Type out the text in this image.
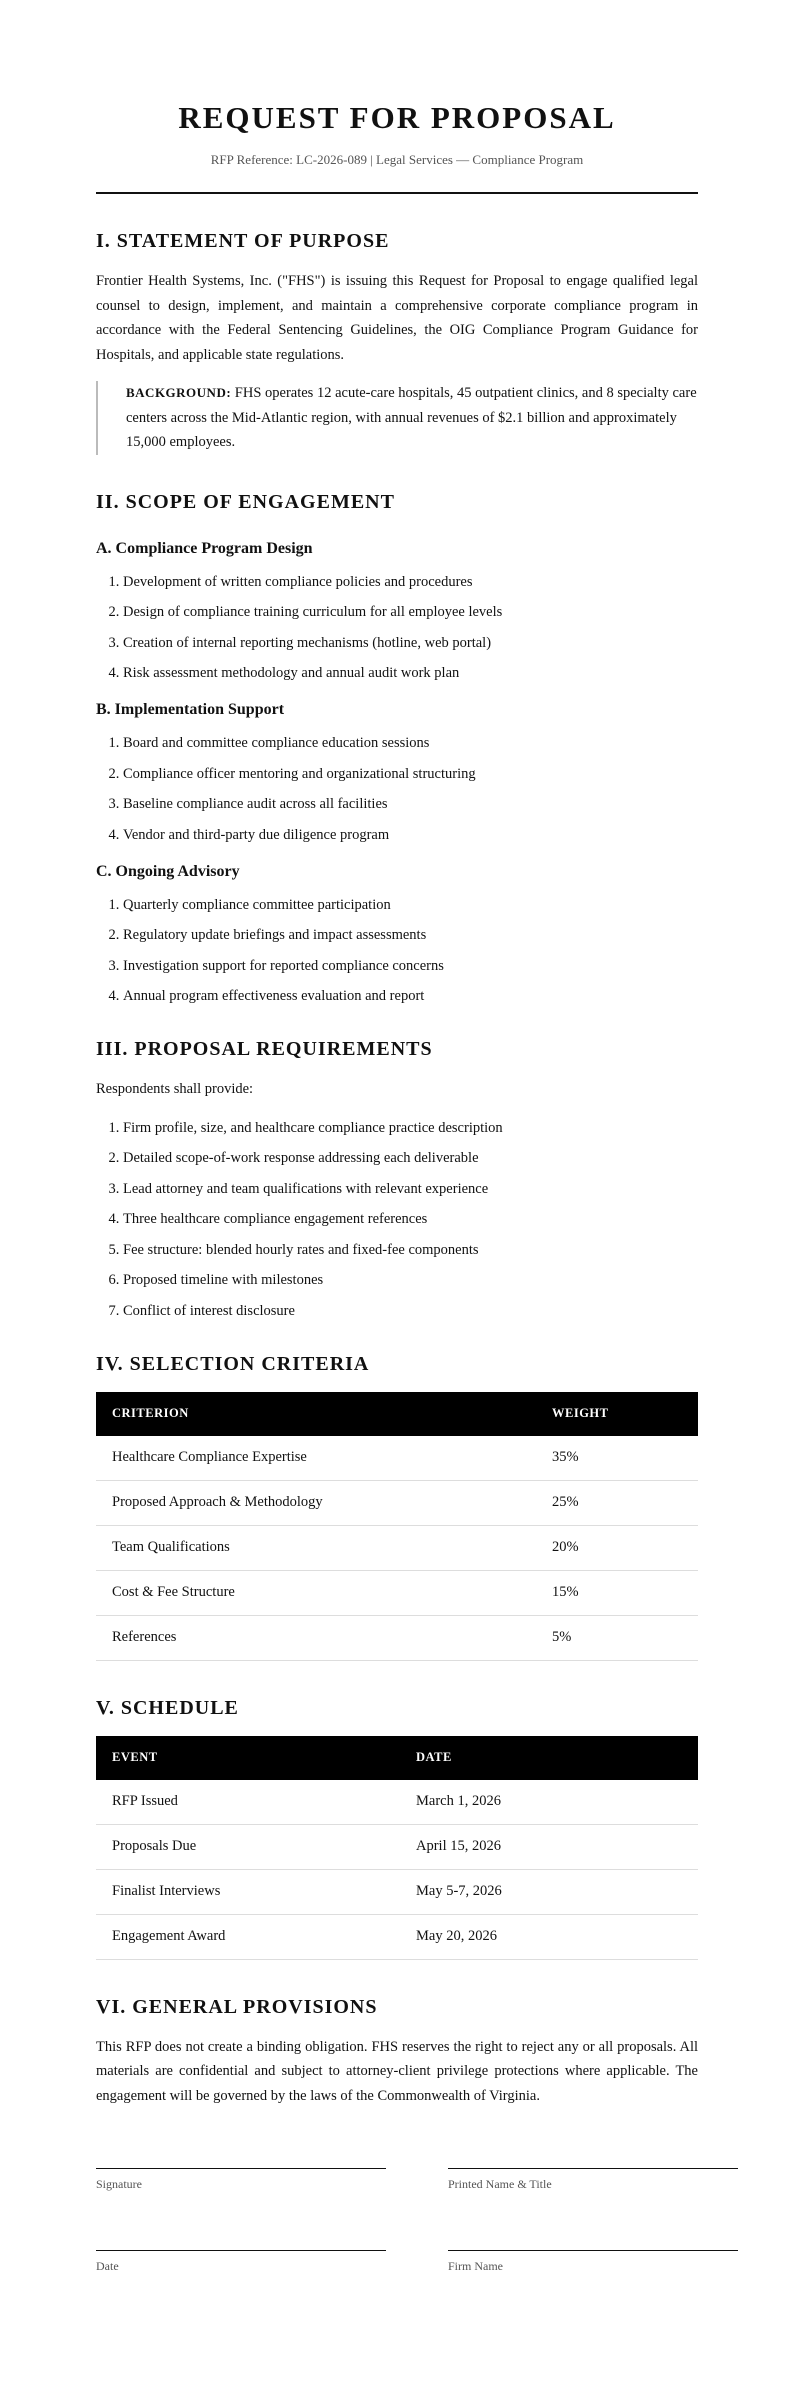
REQUEST FOR PROPOSAL
RFP Reference: LC-2026-089 | Legal Services — Compliance Program
I. STATEMENT OF PURPOSE

Frontier Health Systems, Inc. ("FHS") is issuing this Request for Proposal to engage qualified legal counsel to design, implement, and maintain a comprehensive corporate compliance program in accordance with the Federal Sentencing Guidelines, the OIG Compliance Program Guidance for Hospitals, and applicable state regulations.

BACKGROUND: FHS operates 12 acute-care hospitals, 45 outpatient clinics, and 8 specialty care centers across the Mid-Atlantic region, with annual revenues of $2.1 billion and approximately 15,000 employees.

II. SCOPE OF ENGAGEMENT
A. Compliance Program Design
1. Development of written compliance policies and procedures
2. Design of compliance training curriculum for all employee levels
3. Creation of internal reporting mechanisms (hotline, web portal)
4. Risk assessment methodology and annual audit work plan
B. Implementation Support
1. Board and committee compliance education sessions
2. Compliance officer mentoring and organizational structuring
3. Baseline compliance audit across all facilities
4. Vendor and third-party due diligence program
C. Ongoing Advisory
1. Quarterly compliance committee participation
2. Regulatory update briefings and impact assessments
3. Investigation support for reported compliance concerns
4. Annual program effectiveness evaluation and report
III. PROPOSAL REQUIREMENTS

Respondents shall provide:

1. Firm profile, size, and healthcare compliance practice description
2. Detailed scope-of-work response addressing each deliverable
3. Lead attorney and team qualifications with relevant experience
4. Three healthcare compliance engagement references
5. Fee structure: blended hourly rates and fixed-fee components
6. Proposed timeline with milestones
7. Conflict of interest disclosure
IV. SELECTION CRITERIA
CRITERION	WEIGHT
Healthcare Compliance Expertise	35%
Proposed Approach & Methodology	25%
Team Qualifications	20%
Cost & Fee Structure	15%
References	5%
V. SCHEDULE
EVENT	DATE
RFP Issued	March 1, 2026
Proposals Due	April 15, 2026
Finalist Interviews	May 5-7, 2026
Engagement Award	May 20, 2026
VI. GENERAL PROVISIONS

This RFP does not create a binding obligation. FHS reserves the right to reject any or all proposals. All materials are confidential and subject to attorney-client privilege protections where applicable. The engagement will be governed by the laws of the Commonwealth of Virginia.

Signature	Printed Name & Title
Date	Firm Name
